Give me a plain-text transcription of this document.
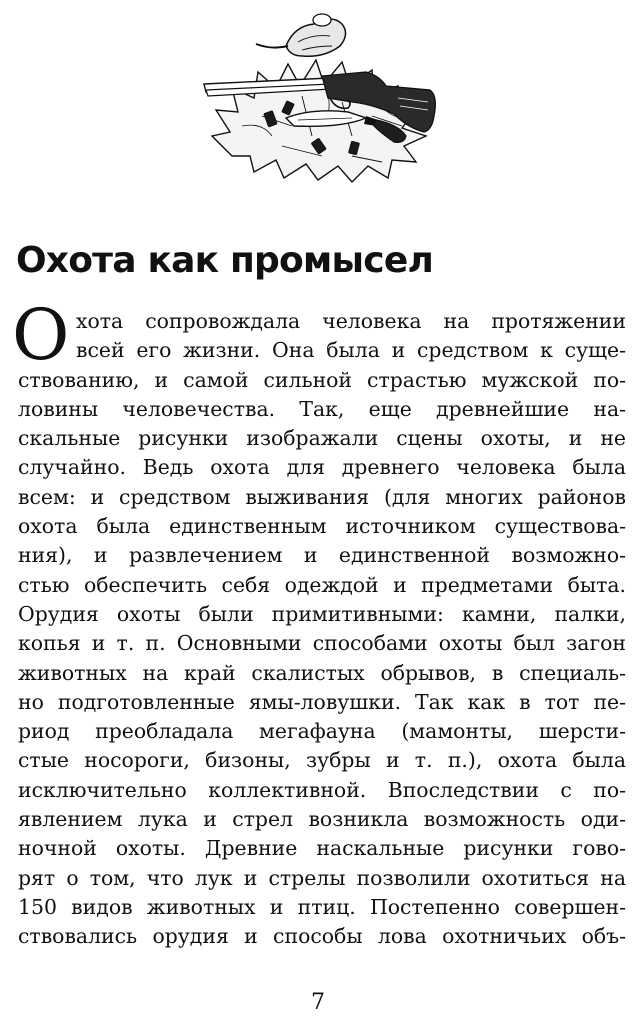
Охота как промысел
О хота сопровождала человека на протяжении
всей его жизни. Она была и средством к суще-
ствованию, и самой сильной страстью мужской по-
ловины человечества. Так, еще древнейшие на-
скальные рисунки изображали сцены охоты, и не
случайно. Ведь охота для древнего человека была
всем: и средством выживания (для многих районов
охота была единственным источником существова-
ния), и развлечением и единственной возможно-
стью обеспечить себя одеждой и предметами быта.
Орудия охоты были примитивными: камни, палки,
копья и т. п. Основными способами охоты был загон
животных на край скалистых обрывов, в специаль-
но подготовленные ямы-ловушки. Так как в тот пе-
риод преобладала мегафауна (мамонты, шерсти-
стые носороги, бизоны, зубры и т. п.), охота была
исключительно коллективной. Впоследствии с по-
явлением лука и стрел возникла возможность оди-
ночной охоты. Древние наскальные рисунки гово-
рят о том, что лук и стрелы позволили охотиться на
150 видов животных и птиц. Постепенно совершен-
ствовались орудия и способы лова охотничьих объ-
7
